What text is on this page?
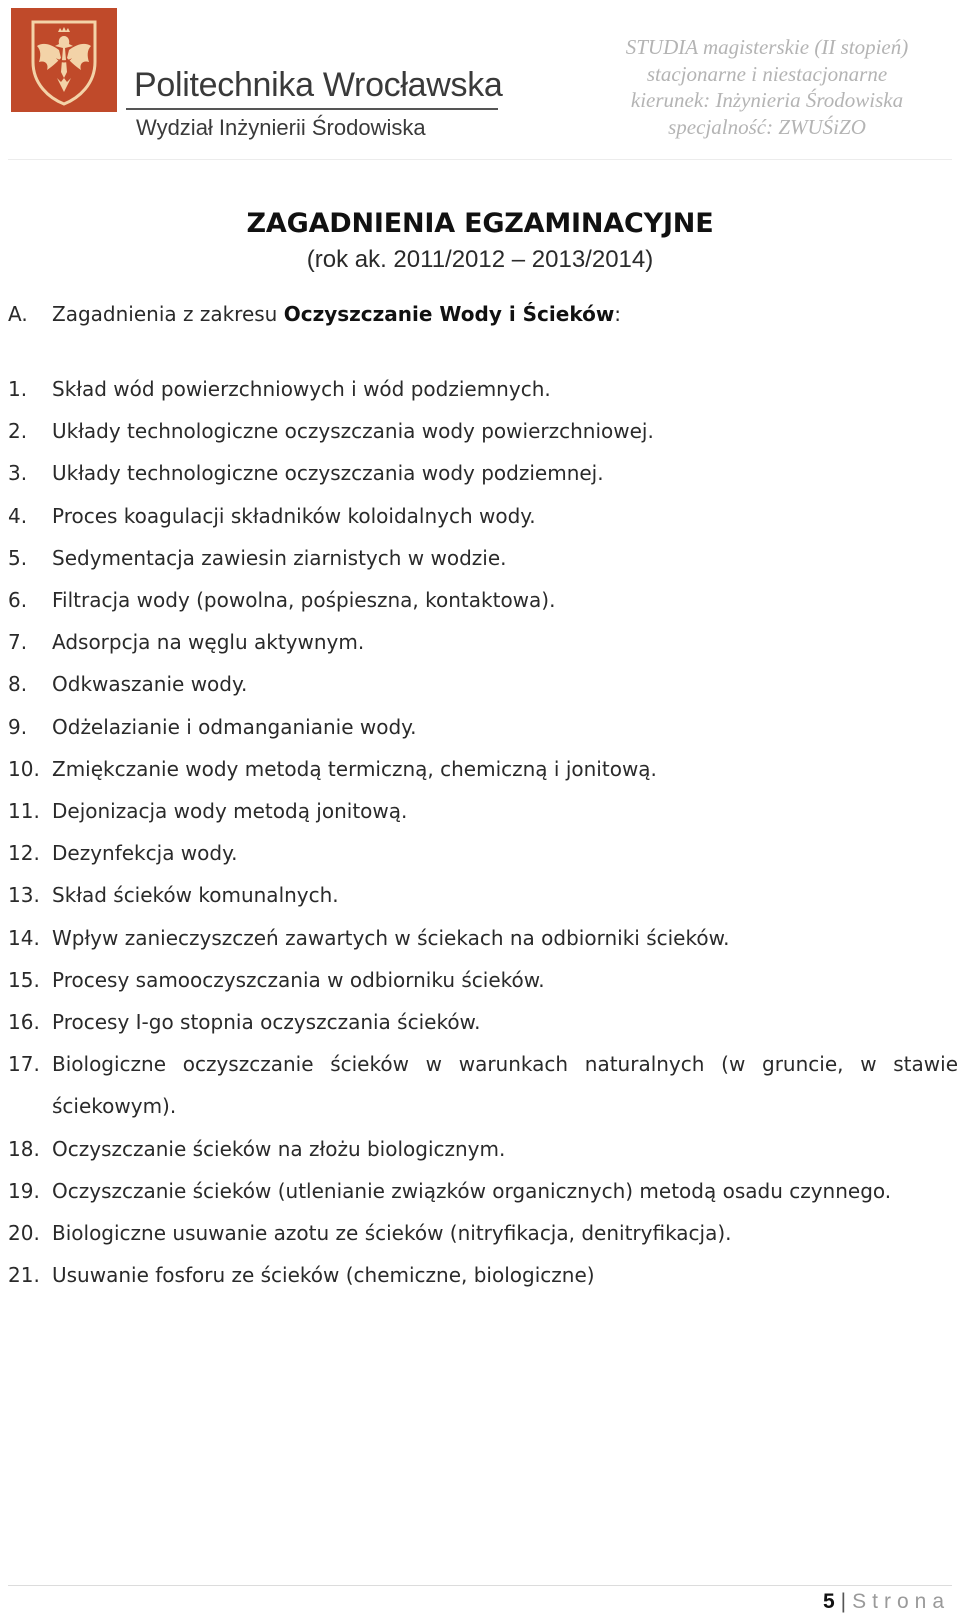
Politechnika Wrocławska
Wydział Inżynierii Środowiska
STUDIA magisterskie (II stopień)
stacjonarne i niestacjonarne
kierunek: Inżynieria Środowiska
specjalność: ZWUŚiZO
ZAGADNIENIA EGZAMINACYJNE
(rok ak. 2011/2012 – 2013/2014)
A. Zagadnienia z zakresu Oczyszczanie Wody i Ścieków:
1. Skład wód powierzchniowych i wód podziemnych.
2. Układy technologiczne oczyszczania wody powierzchniowej.
3. Układy technologiczne oczyszczania wody podziemnej.
4. Proces koagulacji składników koloidalnych wody.
5. Sedymentacja zawiesin ziarnistych w wodzie.
6. Filtracja wody (powolna, pośpieszna, kontaktowa).
7. Adsorpcja na węglu aktywnym.
8. Odkwaszanie wody.
9. Odżelazianie i odmanganianie wody.
10. Zmiękczanie wody metodą termiczną, chemiczną i jonitową.
11. Dejonizacja wody metodą jonitową.
12. Dezynfekcja wody.
13. Skład ścieków komunalnych.
14. Wpływ zanieczyszczeń zawartych w ściekach na odbiorniki ścieków.
15. Procesy samooczyszczania w odbiorniku ścieków.
16. Procesy I-go stopnia oczyszczania ścieków.
17. Biologiczne oczyszczanie ścieków w warunkach naturalnych (w gruncie, w stawie ściekowym).
18. Oczyszczanie ścieków na złożu biologicznym.
19. Oczyszczanie ścieków (utlenianie związków organicznych) metodą osadu czynnego.
20. Biologiczne usuwanie azotu ze ścieków (nitryfikacja, denitryfikacja).
21. Usuwanie fosforu ze ścieków (chemiczne, biologiczne)
5 | Strona
